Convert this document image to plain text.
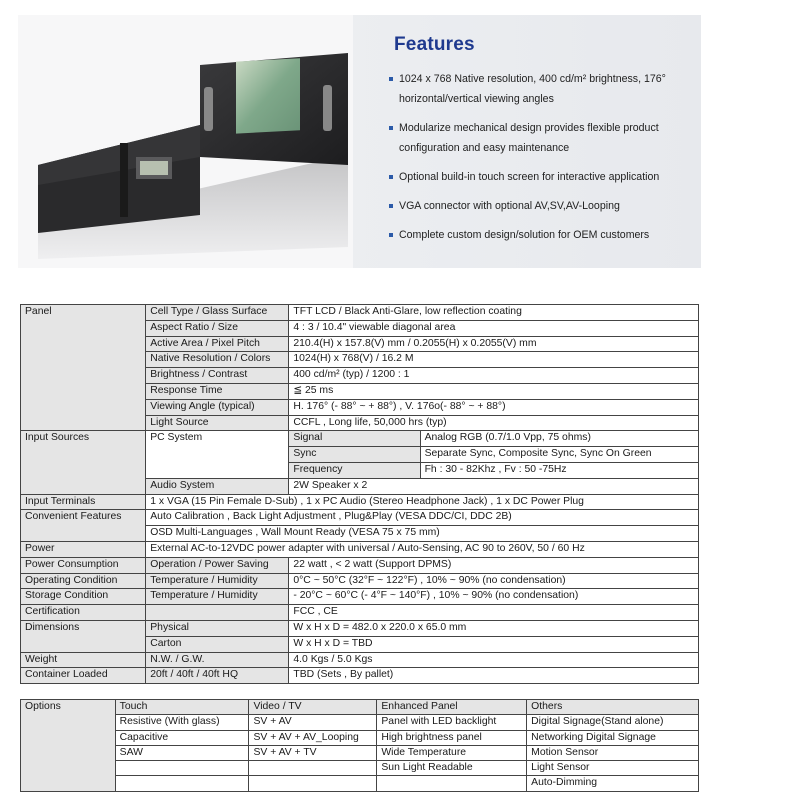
Features
1024 x 768 Native resolution, 400 cd/m² brightness, 176°
horizontal/vertical viewing angles
Modularize mechanical design provides flexible product
configuration and easy maintenance
Optional build-in touch screen for interactive application
VGA connector with optional AV,SV,AV-Looping
Complete custom design/solution for OEM customers
Panel	Cell Type / Glass Surface	TFT LCD / Black Anti-Glare, low reflection coating	
	Aspect Ratio / Size	4 : 3 / 10.4" viewable diagonal area	
	Active Area / Pixel Pitch	210.4(H) x 157.8(V) mm / 0.2055(H) x 0.2055(V) mm	
	Native Resolution / Colors	1024(H) x 768(V) / 16.2 M	
	Brightness / Contrast	400 cd/m² (typ) / 1200 : 1	
	Response Time	≦ 25 ms	
	Viewing Angle (typical)	H. 176° (- 88° ~ + 88°) , V. 176o(- 88° ~ + 88°)	
	Light Source	CCFL , Long life, 50,000 hrs (typ)	
Input Sources	PC System	Signal	Analog RGB (0.7/1.0 Vpp, 75 ohms)
		Sync	Separate Sync, Composite Sync, Sync On Green
		Frequency	Fh : 30 - 82Khz , Fv : 50 -75Hz
	Audio System	2W Speaker x 2	
Input Terminals	1 x VGA (15 Pin Female D-Sub) , 1 x PC Audio (Stereo Headphone Jack) , 1 x DC Power Plug		
Convenient Features	Auto Calibration , Back Light Adjustment , Plug&Play (VESA DDC/CI, DDC 2B)		
	OSD Multi-Languages , Wall Mount Ready (VESA 75 x 75 mm)		
Power	External AC-to-12VDC power adapter with universal / Auto-Sensing, AC 90 to 260V, 50 / 60 Hz		
Power Consumption	Operation / Power Saving	22 watt , < 2 watt (Support DPMS)	
Operating Condition	Temperature / Humidity	0°C ~ 50°C (32°F ~ 122°F) , 10% ~ 90% (no condensation)	
Storage Condition	Temperature / Humidity	- 20°C ~ 60°C (- 4°F ~ 140°F) , 10% ~ 90% (no condensation)	
Certification		FCC , CE	
Dimensions	Physical	W x H x D = 482.0 x 220.0 x 65.0 mm	
	Carton	W x H x D = TBD	
Weight	N.W. / G.W.	4.0 Kgs / 5.0 Kgs	
Container Loaded	20ft / 40ft / 40ft HQ	TBD (Sets , By pallet)	
Options	Touch	Video / TV	Enhanced Panel	Others
	Resistive (With glass)	SV + AV	Panel with LED backlight	Digital Signage(Stand alone)
	Capacitive	SV + AV + AV_Looping	High brightness panel	Networking Digital Signage
	SAW	SV + AV + TV	Wide Temperature	Motion Sensor
			Sun Light Readable	Light Sensor
				Auto-Dimming
